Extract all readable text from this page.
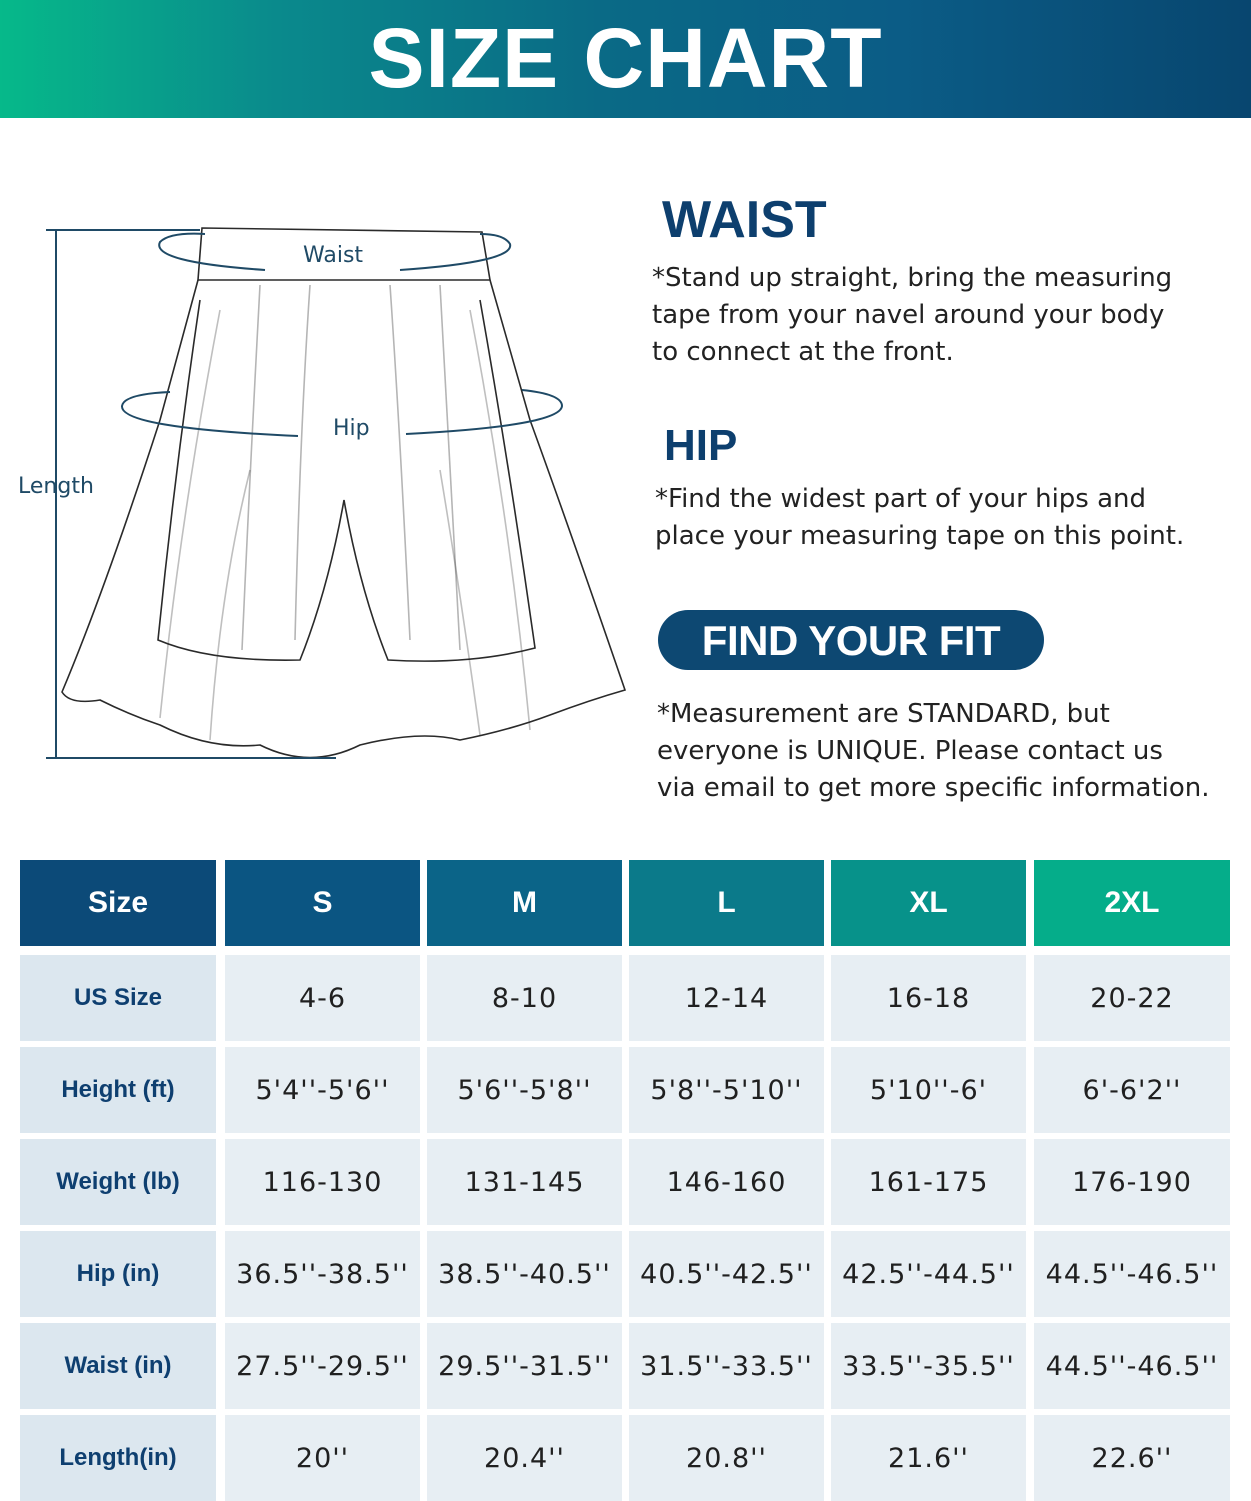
SIZE CHART
Waist
Hip
Length
WAIST
*Stand up straight, bring the measuring
tape from your navel around your body
to connect at the front.
HIP
*Find the widest part of your hips and
place your measuring tape on this point.
FIND YOUR FIT
*Measurement are STANDARD, but
everyone is UNIQUE. Please contact us
via email to get more specific information.
Size	S	M	L	XL	2XL
US Size	4-6	8-10	12-14	16-18	20-22
Height (ft)	5'4''-5'6''	5'6''-5'8''	5'8''-5'10''	5'10''-6'	6'-6'2''
Weight (lb)	116-130	131-145	146-160	161-175	176-190
Hip (in)	36.5''-38.5''	38.5''-40.5''	40.5''-42.5''	42.5''-44.5''	44.5''-46.5''
Waist (in)	27.5''-29.5''	29.5''-31.5''	31.5''-33.5''	33.5''-35.5''	44.5''-46.5''
Length(in)	20''	20.4''	20.8''	21.6''	22.6''
